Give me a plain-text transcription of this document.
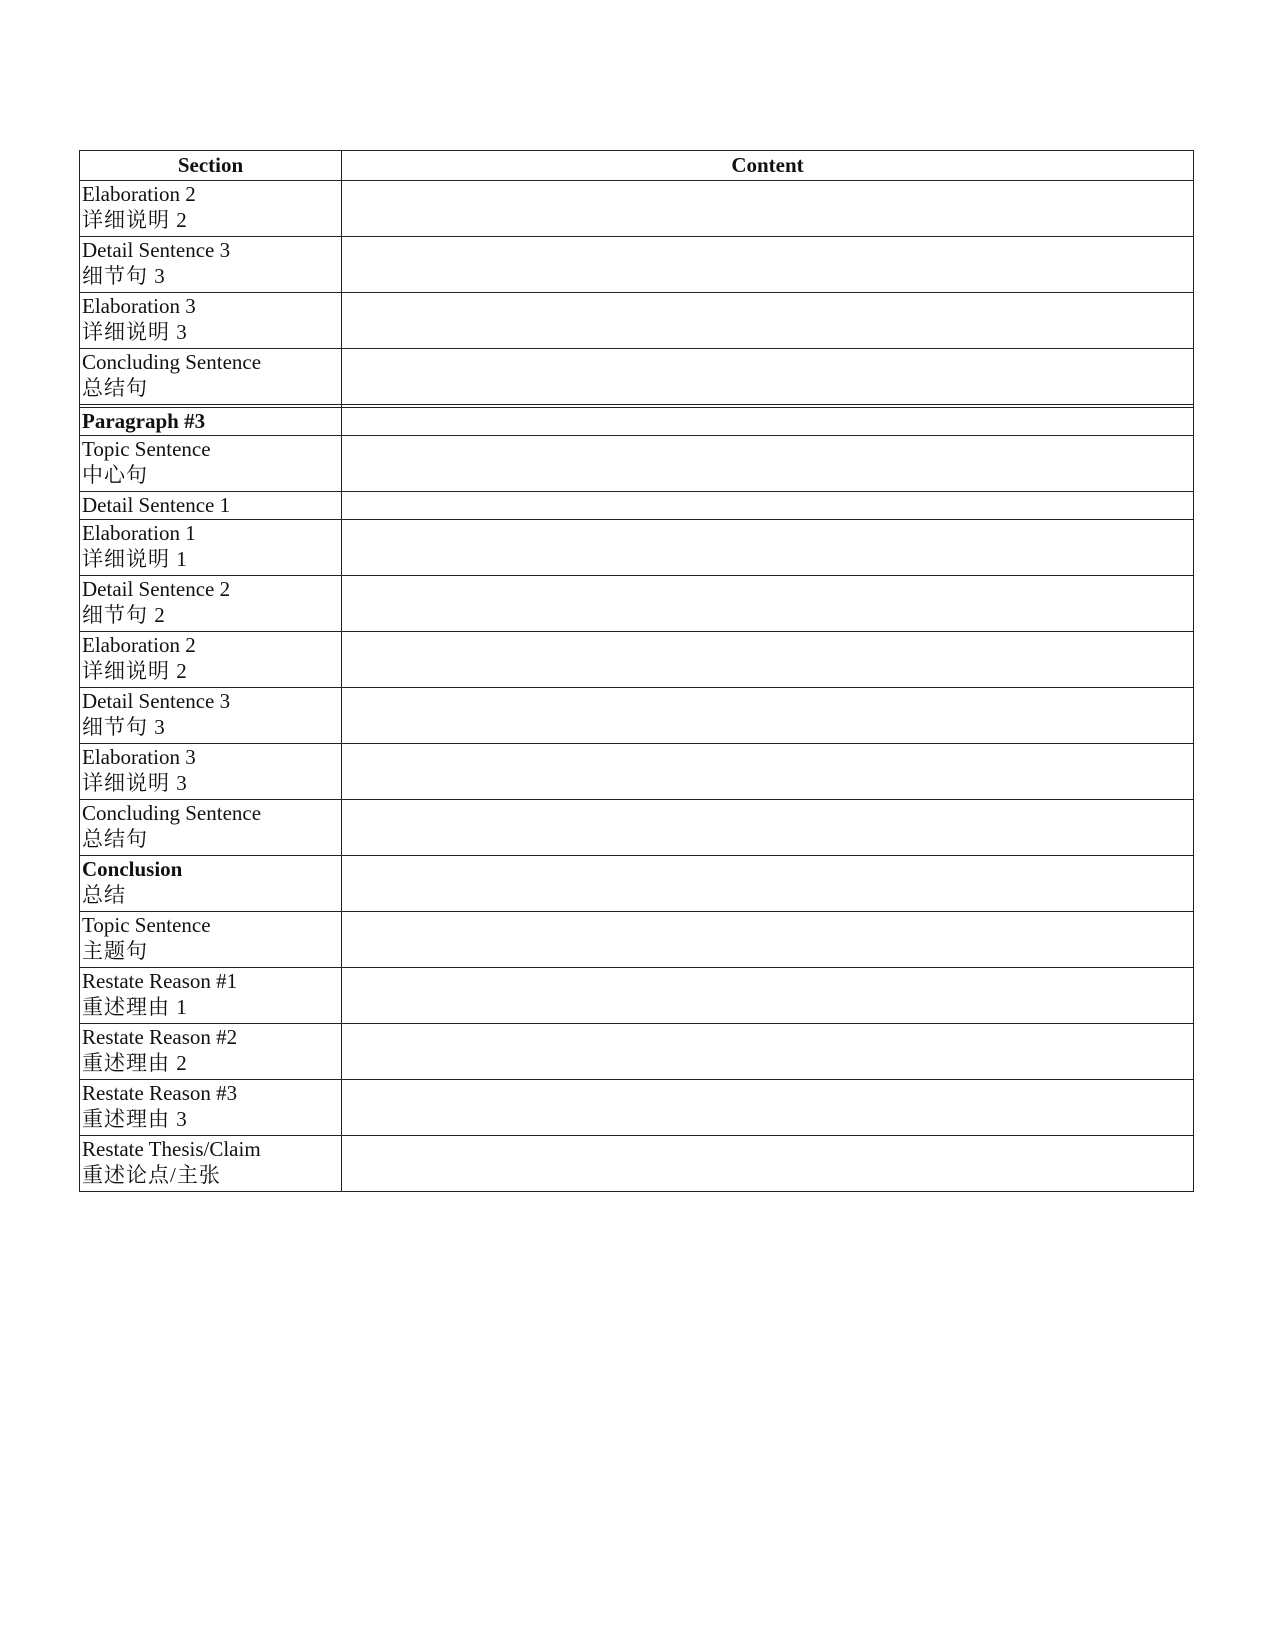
Section	Content

Elaboration 2
详细说明 2	

Detail Sentence 3
细节句 3	

Elaboration 3
详细说明 3	

Concluding Sentence
总结句	

Paragraph #3	

Topic Sentence
中心句	

Detail Sentence 1	

Elaboration 1
详细说明 1	

Detail Sentence 2
细节句 2	

Elaboration 2
详细说明 2	

Detail Sentence 3
细节句 3	

Elaboration 3
详细说明 3	

Concluding Sentence
总结句	

Conclusion
总结	

Topic Sentence
主题句	

Restate Reason #1
重述理由 1	

Restate Reason #2
重述理由 2	

Restate Reason #3
重述理由 3	

Restate Thesis/Claim
重述论点/主张	
